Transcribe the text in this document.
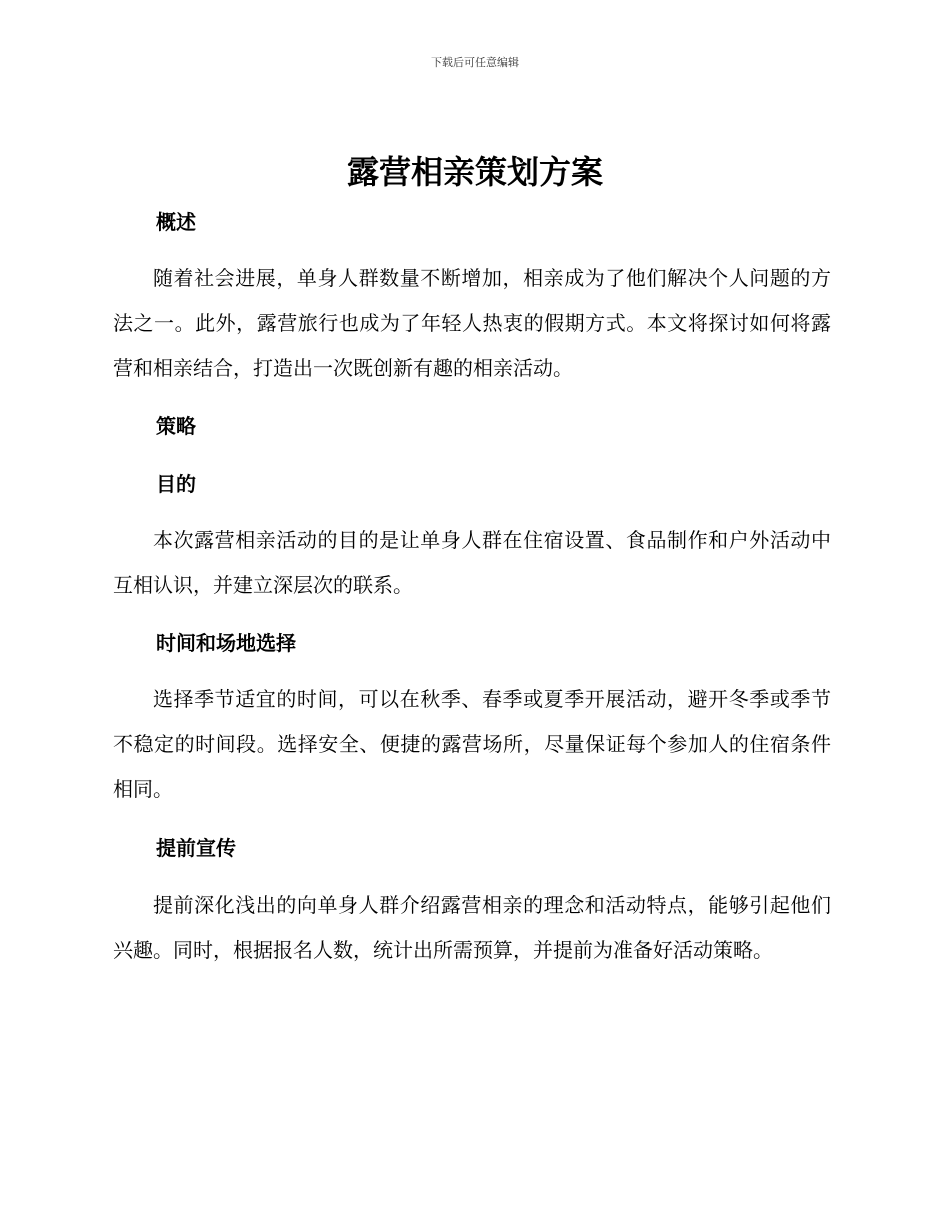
下载后可任意编辑
露营相亲策划方案
概述

随着社会进展，单身人群数量不断增加，相亲成为了他们解决个人问题的方法之一。此外，露营旅行也成为了年轻人热衷的假期方式。本文将探讨如何将露营和相亲结合，打造出一次既创新有趣的相亲活动。

策略
目的

本次露营相亲活动的目的是让单身人群在住宿设置、食品制作和户外活动中互相认识，并建立深层次的联系。

时间和场地选择

选择季节适宜的时间，可以在秋季、春季或夏季开展活动，避开冬季或季节不稳定的时间段。选择安全、便捷的露营场所，尽量保证每个参加人的住宿条件相同。

提前宣传

提前深化浅出的向单身人群介绍露营相亲的理念和活动特点，能够引起他们兴趣。同时，根据报名人数，统计出所需预算，并提前为准备好活动策略。
